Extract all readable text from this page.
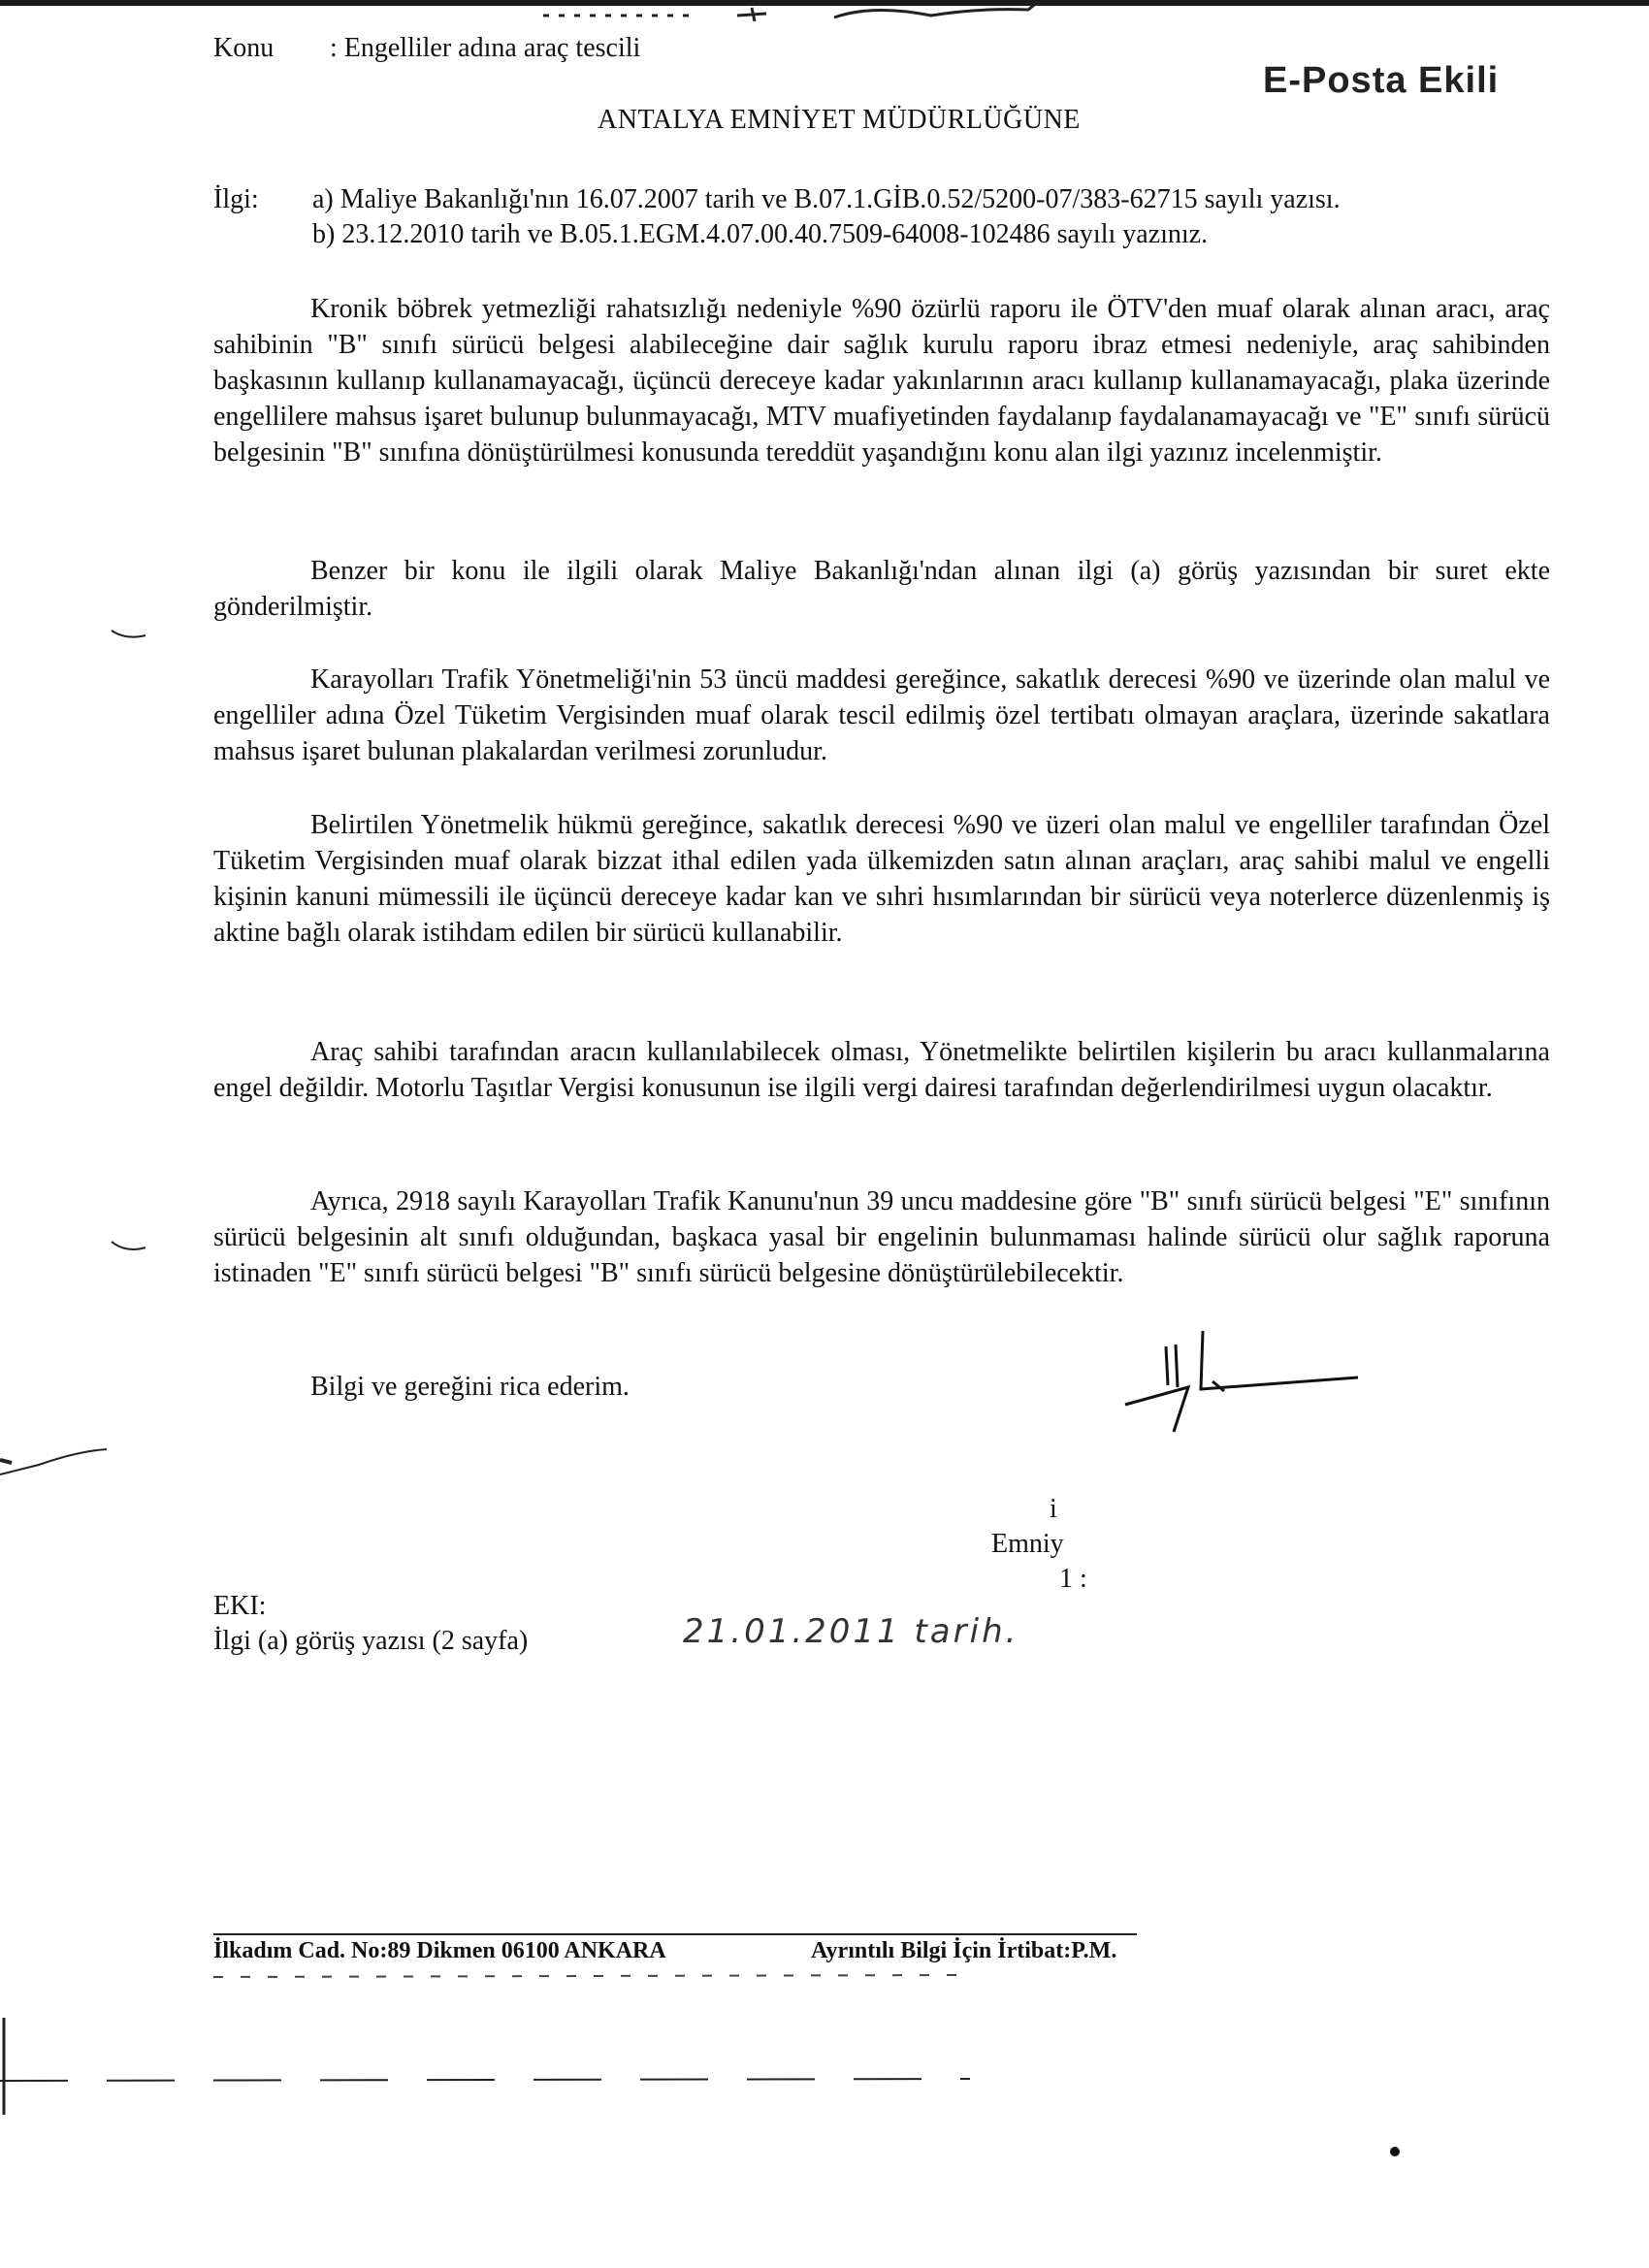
Konu : Engelliler adına araç tescili
E-Posta Ekili
ANTALYA EMNİYET MÜDÜRLÜĞÜNE
İlgi: a) Maliye Bakanlığı'nın 16.07.2007 tarih ve B.07.1.GİB.0.52/5200-07/383-62715 sayılı yazısı.
b) 23.12.2010 tarih ve B.05.1.EGM.4.07.00.40.7509-64008-102486 sayılı yazınız.

Kronik böbrek yetmezliği rahatsızlığı nedeniyle %90 özürlü raporu ile ÖTV'den muaf olarak alınan aracı, araç sahibinin "B" sınıfı sürücü belgesi alabileceğine dair sağlık kurulu raporu ibraz etmesi nedeniyle, araç sahibinden başkasının kullanıp kullanamayacağı, üçüncü dereceye kadar yakınlarının aracı kullanıp kullanamayacağı, plaka üzerinde engellilere mahsus işaret bulunup bulunmayacağı, MTV muafiyetinden faydalanıp faydalanamayacağı ve "E" sınıfı sürücü belgesinin "B" sınıfına dönüştürülmesi konusunda tereddüt yaşandığını konu alan ilgi yazınız incelenmiştir.

Benzer bir konu ile ilgili olarak Maliye Bakanlığı'ndan alınan ilgi (a) görüş yazısından bir suret ekte gönderilmiştir.

Karayolları Trafik Yönetmeliği'nin 53 üncü maddesi gereğince, sakatlık derecesi %90 ve üzerinde olan malul ve engelliler adına Özel Tüketim Vergisinden muaf olarak tescil edilmiş özel tertibatı olmayan araçlara, üzerinde sakatlara mahsus işaret bulunan plakalardan verilmesi zorunludur.

Belirtilen Yönetmelik hükmü gereğince, sakatlık derecesi %90 ve üzeri olan malul ve engelliler tarafından Özel Tüketim Vergisinden muaf olarak bizzat ithal edilen yada ülkemizden satın alınan araçları, araç sahibi malul ve engelli kişinin kanuni mümessili ile üçüncü dereceye kadar kan ve sıhri hısımlarından bir sürücü veya noterlerce düzenlenmiş iş aktine bağlı olarak istihdam edilen bir sürücü kullanabilir.

Araç sahibi tarafından aracın kullanılabilecek olması, Yönetmelikte belirtilen kişilerin bu aracı kullanmalarına engel değildir. Motorlu Taşıtlar Vergisi konusunun ise ilgili vergi dairesi tarafından değerlendirilmesi uygun olacaktır.

Ayrıca, 2918 sayılı Karayolları Trafik Kanunu'nun 39 uncu maddesine göre "B" sınıfı sürücü belgesi "E" sınıfının sürücü belgesinin alt sınıfı olduğundan, başkaca yasal bir engelinin bulunmaması halinde sürücü olur sağlık raporuna istinaden "E" sınıfı sürücü belgesi "B" sınıfı sürücü belgesine dönüştürülebilecektir.

Bilgi ve gereğini rica ederim.
i
Emniy
1 :
EKI:
İlgi (a) görüş yazısı (2 sayfa)	21.01.2011 tarih.
İlkadım Cad. No:89 Dikmen 06100 ANKARA	Ayrıntılı Bilgi İçin İrtibat:P.M.
